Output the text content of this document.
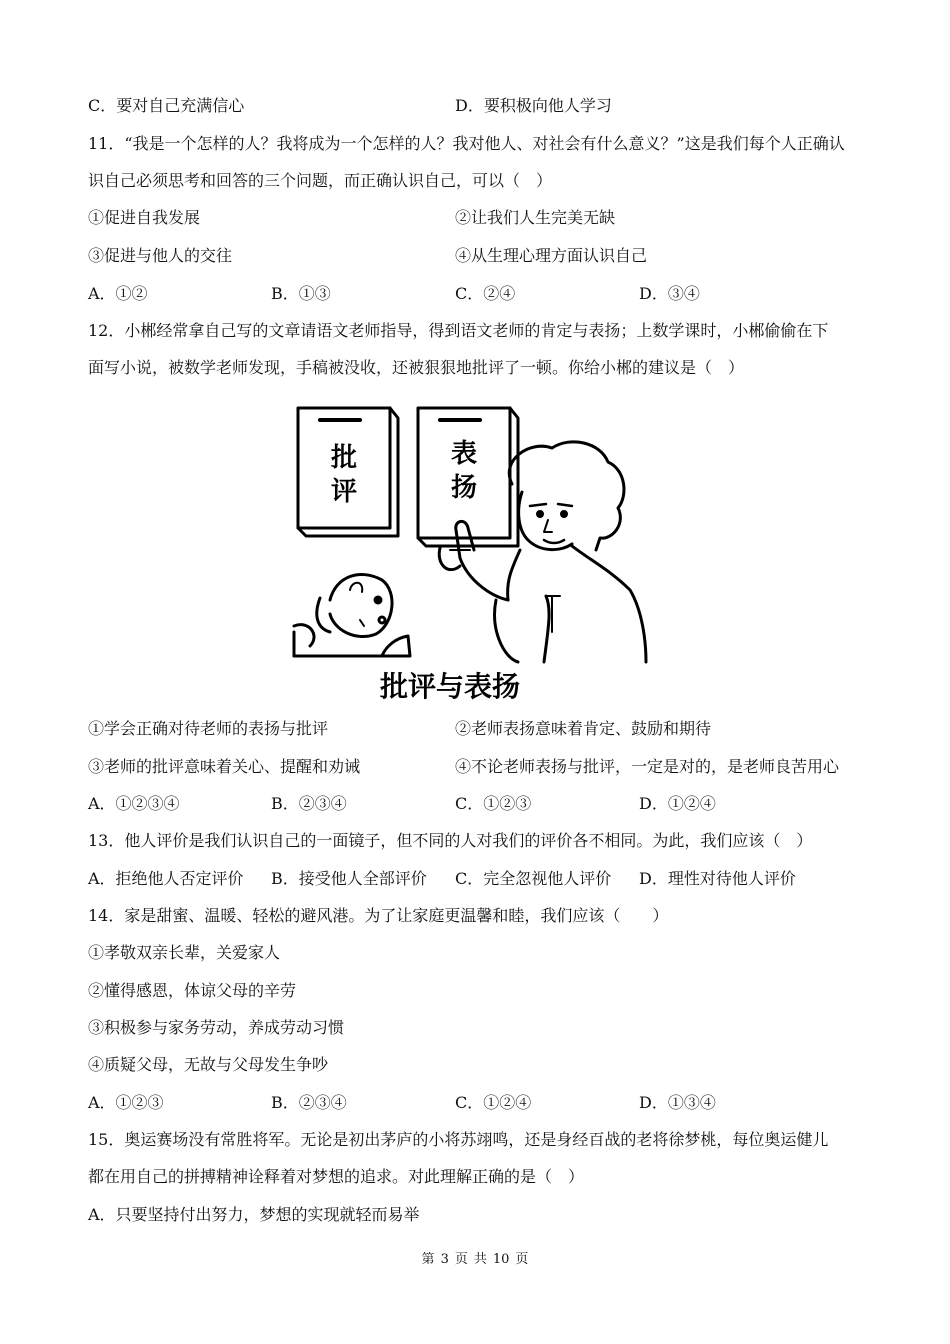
C．要对自己充满信心	D．要积极向他人学习
11．“我是一个怎样的人？我将成为一个怎样的人？我对他人、对社会有什么意义？”这是我们每个人正确认
识自己必须思考和回答的三个问题，而正确认识自己，可以（　）
①促进自我发展	②让我们人生完美无缺
③促进与他人的交往	④从生理心理方面认识自己
A．①②	B．①③	C．②④	D．③④
12．小郴经常拿自己写的文章请语文老师指导，得到语文老师的肯定与表扬；上数学课时，小郴偷偷在下
面写小说，被数学老师发现，手稿被没收，还被狠狠地批评了一顿。你给小郴的建议是（　）
批
评
表
扬
批评与表扬
①学会正确对待老师的表扬与批评	②老师表扬意味着肯定、鼓励和期待
③老师的批评意味着关心、提醒和劝诫	④不论老师表扬与批评，一定是对的，是老师良苦用心
A．①②③④	B．②③④	C．①②③	D．①②④
13．他人评价是我们认识自己的一面镜子，但不同的人对我们的评价各不相同。为此，我们应该（　）
A．拒绝他人否定评价 B．接受他人全部评价 C．完全忽视他人评价 D．理性对待他人评价
14．家是甜蜜、温暖、轻松的避风港。为了让家庭更温馨和睦，我们应该（　　）
①孝敬双亲长辈，关爱家人
②懂得感恩，体谅父母的辛劳
③积极参与家务劳动，养成劳动习惯
④质疑父母，无故与父母发生争吵
A．①②③	B．②③④	C．①②④	D．①③④
15．奥运赛场没有常胜将军。无论是初出茅庐的小将苏翊鸣，还是身经百战的老将徐梦桃，每位奥运健儿
都在用自己的拼搏精神诠释着对梦想的追求。对此理解正确的是（　）
A．只要坚持付出努力，梦想的实现就轻而易举
第 3 页 共 10 页
